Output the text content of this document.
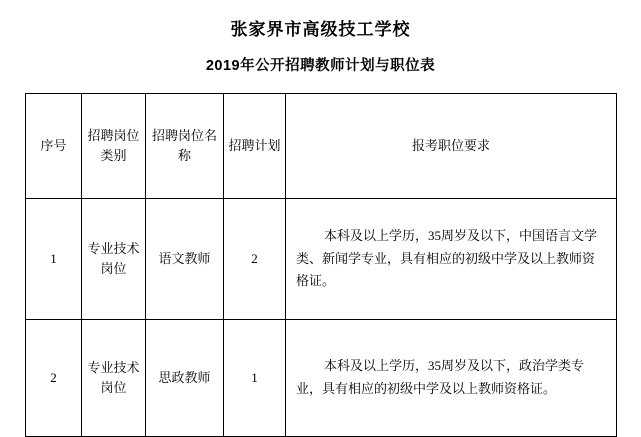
张家界市高级技工学校
2019年公开招聘教师计划与职位表
序号	招聘岗位类别	招聘岗位名称	招聘计划	报考职位要求
1	专业技术岗位	语文教师	2	本科及以上学历，35周岁及以下，中国语言文学类、新闻学专业，具有相应的初级中学及以上教师资格证。
2	专业技术岗位	思政教师	1	本科及以上学历，35周岁及以下，政治学类专业，具有相应的初级中学及以上教师资格证。
